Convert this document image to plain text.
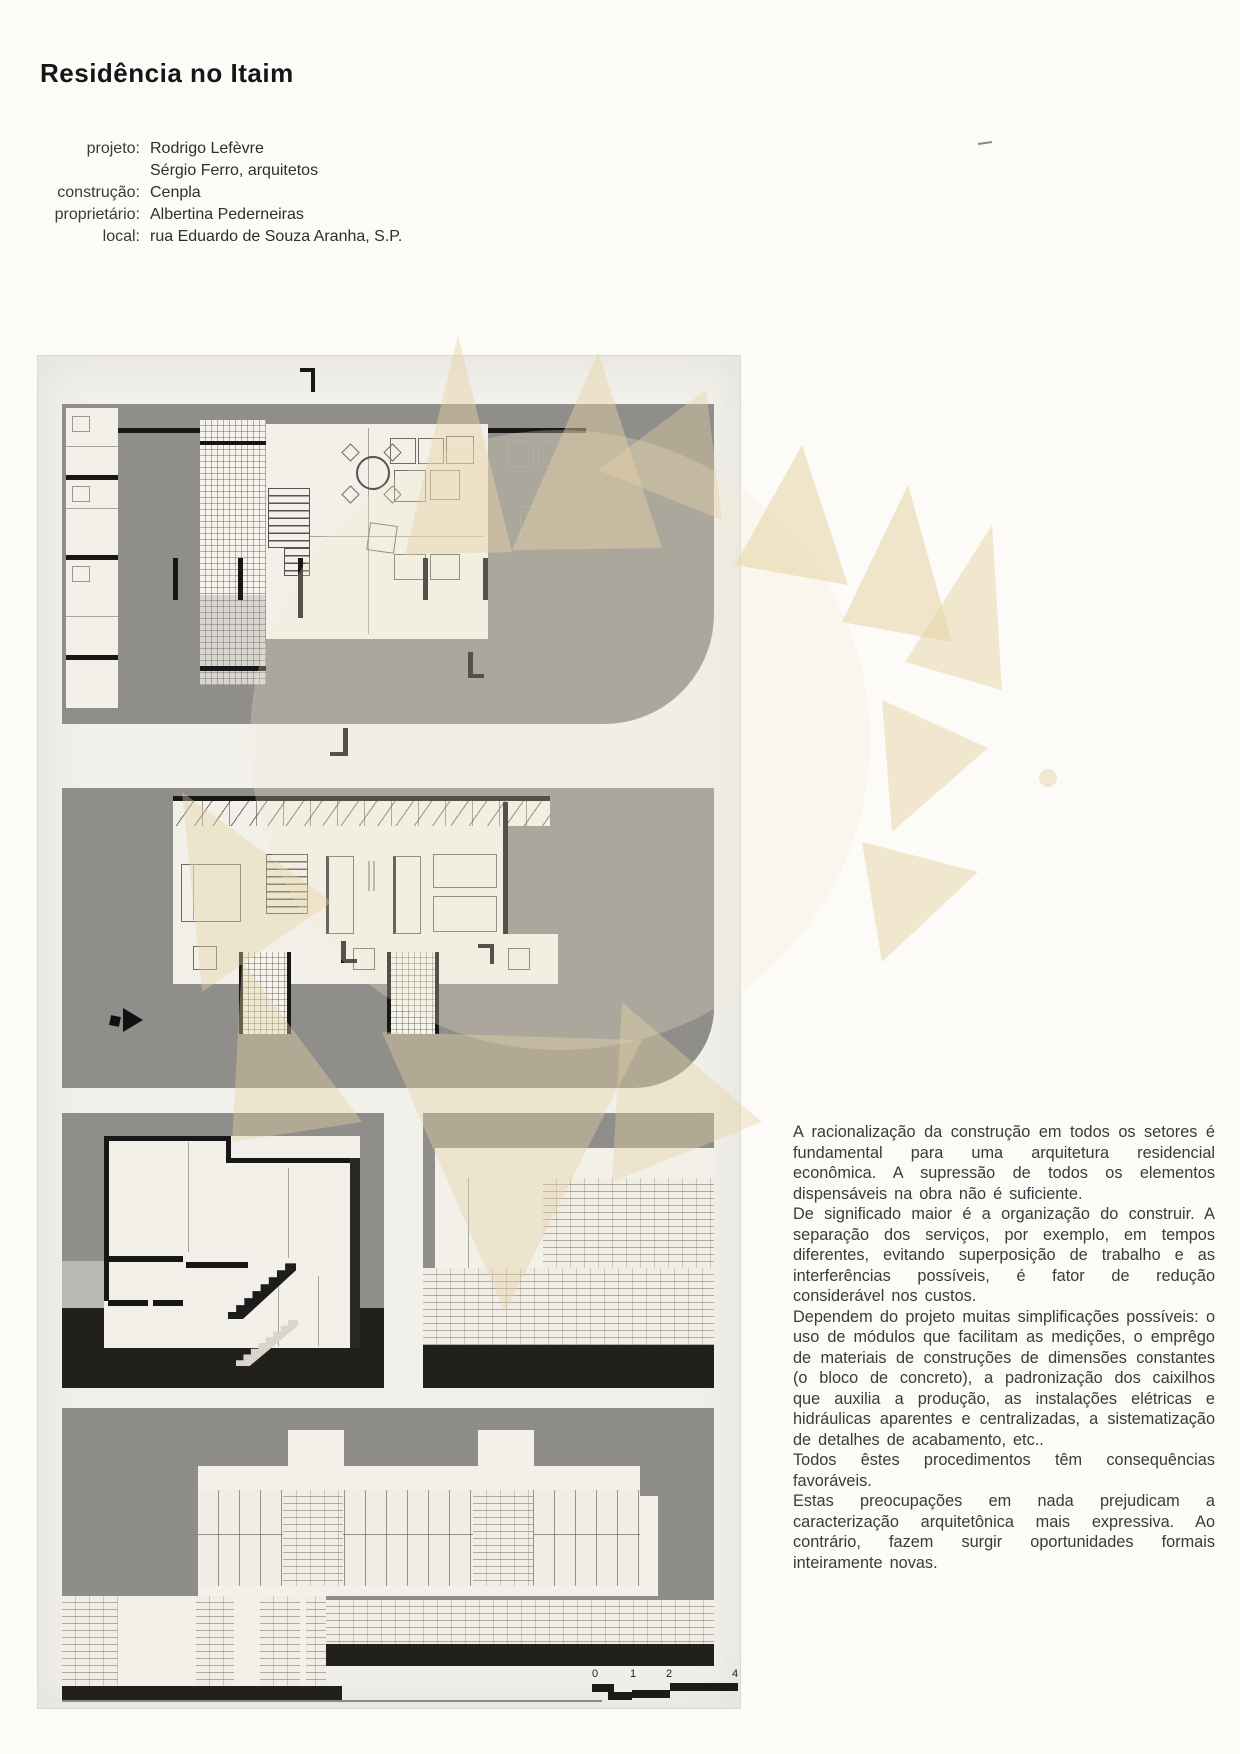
Residência no Itaim
projeto: Rodrigo Lefèvre
Sérgio Ferro, arquitetos
construção: Cenpla
proprietário: Albertina Pederneiras
local: rua Eduardo de Souza Aranha, S.P.
0	1	2	4

A racionalização da construção em todos os setores é fundamental para uma arquitetura residencial econômica. A supressão de todos os elementos dispensáveis na obra não é suficiente.

De significado maior é a organização do construir. A separação dos serviços, por exemplo, em tempos diferentes, evitando superposição de trabalho e as interferências possíveis, é fator de redução considerável nos custos.

Dependem do projeto muitas simplificações possíveis: o uso de módulos que facilitam as medições, o emprêgo de materiais de construções de dimensões constantes (o bloco de concreto), a padronização dos caixilhos que auxilia a produção, as instalações elétricas e hidráulicas aparentes e centralizadas, a sistematização de detalhes de acabamento, etc..

Todos êstes procedimentos têm consequências favoráveis.

Estas preocupações em nada prejudicam a caracterização arquitetônica mais expressiva. Ao contrário, fazem surgir oportunidades formais inteiramente novas.
